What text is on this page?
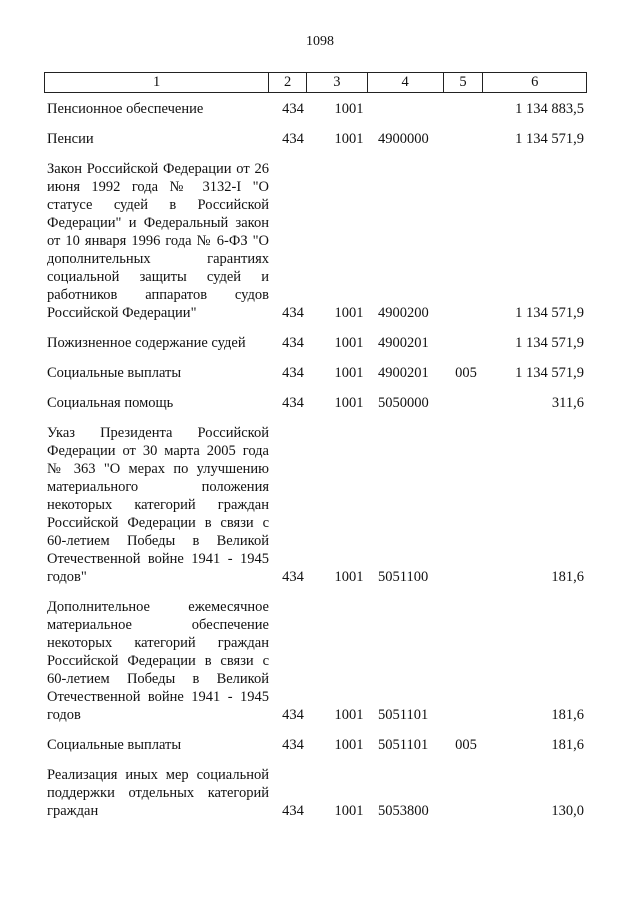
1098
1	2	3	4	5	6
Пенсионное обеспечение	434 1001	1 134 883,5
Пенсии	434 1001 4900000	1 134 571,9
Закон Российской Федерации от 26 июня 1992 года № 3132-I "О статусе судей в Российской Федерации" и Федеральный закон от 10 января 1996 года № 6-ФЗ "О дополнительных гарантиях социальной защиты судей и работников аппаратов судов Российской Федерации"	434 1001 4900200	1 134 571,9
Пожизненное содержание судей	434 1001 4900201	1 134 571,9
Социальные выплаты	434 1001 4900201	005	1 134 571,9
Социальная помощь	434 1001 5050000	311,6
Указ Президента Российской Федерации от 30 марта 2005 года № 363 "О мерах по улучшению материального положения некоторых категорий граждан Российской Федерации в связи с 60-летием Победы в Великой Отечественной войне 1941 - 1945 годов"	434 1001 5051100	181,6
Дополнительное ежемесячное материальное обеспечение некоторых категорий граждан Российской Федерации в связи с 60-летием Победы в Великой Отечественной войне 1941 - 1945 годов	434 1001 5051101	181,6
Социальные выплаты	434 1001 5051101	005	181,6
Реализация иных мер социальной поддержки отдельных категорий граждан	434 1001 5053800	130,0
